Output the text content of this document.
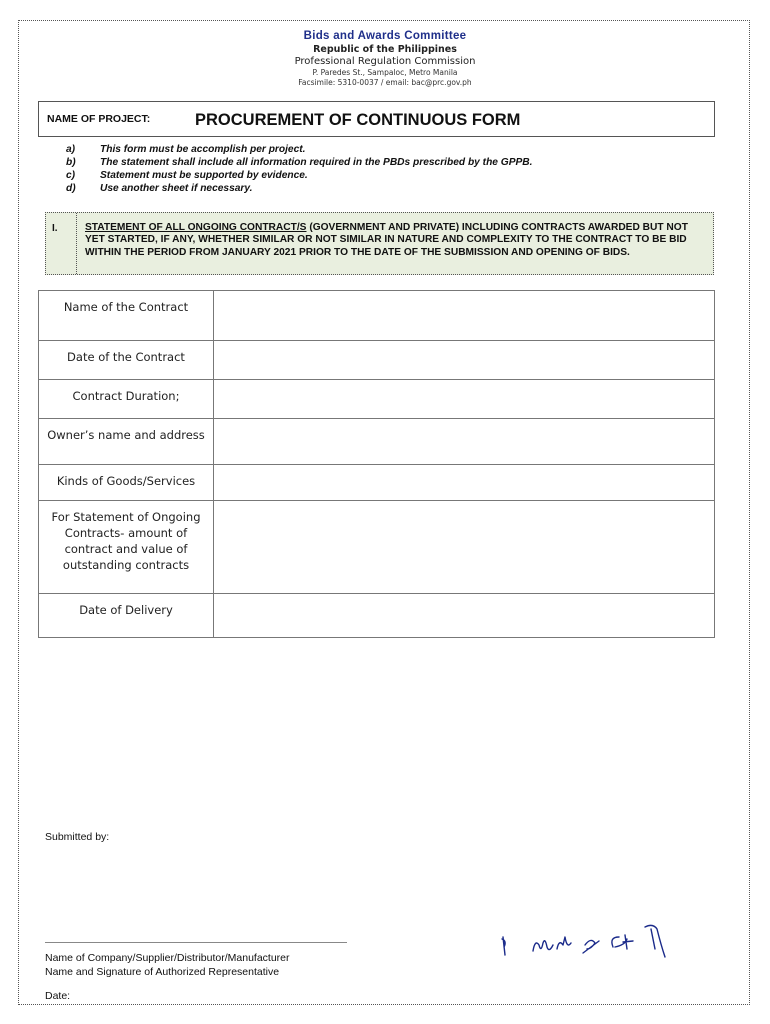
Bids and Awards Committee
Republic of the Philippines
Professional Regulation Commission
P. Paredes St., Sampaloc, Metro Manila
Facsimile: 5310-0037 / email: bac@prc.gov.ph
NAME OF PROJECT:	PROCUREMENT OF CONTINUOUS FORM
a)	This form must be accomplish per project.
b)	The statement shall include all information required in the PBDs prescribed by the GPPB.
c)	Statement must be supported by evidence.
d)	Use another sheet if necessary.
I.	STATEMENT OF ALL ONGOING CONTRACT/S (GOVERNMENT AND PRIVATE) INCLUDING CONTRACTS AWARDED BUT NOT YET STARTED, IF ANY, WHETHER SIMILAR OR NOT SIMILAR IN NATURE AND COMPLEXITY TO THE CONTRACT TO BE BID WITHIN THE PERIOD FROM JANUARY 2021 PRIOR TO THE DATE OF THE SUBMISSION AND OPENING OF BIDS.
Name of the Contract	
Date of the Contract	
Contract Duration;	
Owner’s name and address	
Kinds of Goods/Services	
For Statement of Ongoing Contracts- amount of contract and value of outstanding contracts	
Date of Delivery	
Submitted by:
Name of Company/Supplier/Distributor/Manufacturer
Name and Signature of Authorized Representative
Date:
